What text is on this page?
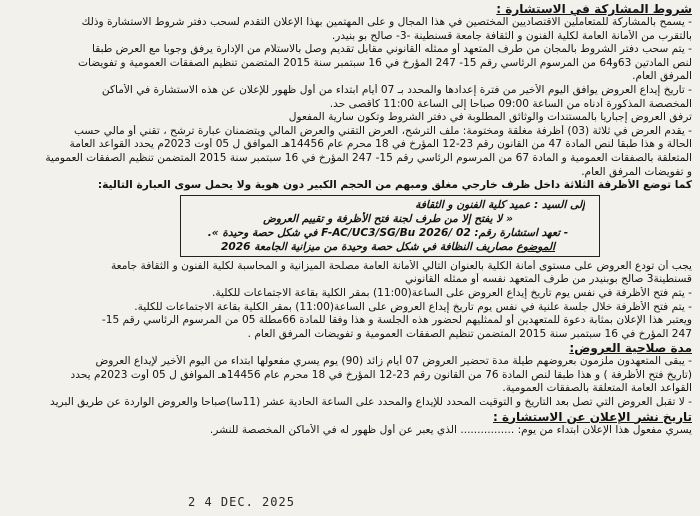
شروط المشاركة في الاستشارة :

- يسمح بالمشاركة للمتعاملين الاقتصاديين المختصين في هذا المجال و على المهتمين بهذا الإعلان التقدم لسحب دفتر شروط الاستشارة وذلك

بالتقرب من الأمانة العامة لكلية الفنون و الثقافة جامعة قسنطينة -3- صالح بو بنيدر.

- يتم سحب دفتر الشروط بالمجان من طرف المتعهد أو ممثله القانوني مقابل تقديم وصل بالاستلام من الإدارة يرفق وجوبا مع العرض طبقا

لنص المادتين 63و64 من المرسوم الرئاسي رقم 15- 247 المؤرخ في 16 سبتمبر سنة 2015 المتضمن تنظيم الصفقات العمومية و تفويضات

المرفق العام.

- تاريخ إيداع العروض يوافق اليوم الأخير من فترة إعدادها والمحدد بـ 07 أيام ابتداء من أول ظهور للإعلان عن هذه الاستشارة في الأماكن

المخصصة المذكورة أدناه من الساعة 09:00 صباحا إلى الساعة 11:00 كأقصى حد.

ترفق العروض إجباريا بالمستندات والوثائق المطلوبة في دفتر الشروط وتكون سارية المفعول

- يقدم العرض في ثلاثة (03) أظرفة مغلقة ومختومة: ملف الترشح، العرض التقني والعرض المالي ويتضمنان عبارة ترشح ، تقني أو مالي حسب

الحالة و هذا طبقا لنص المادة 47 من القانون رقم 23-12 المؤرخ في 18 محرم عام 14456هـ الموافق ل 05 أوت 2023م يحدد القواعد العامة

المتعلقة بالصفقات العمومية و المادة 67 من المرسوم الرئاسي رقم 15- 247 المؤرخ في 16 سبتمبر سنة 2015 المتضمن تنظيم الصفقات العمومية

و تفويضات المرفق العام.

كما توضع الأظرفة الثلاثة داخل ظرف خارجي مغلق ومبهم من الحجم الكبير دون هوية ولا يحمل سوى العبارة التالية:

إلى السيد : عميد كلية الفنون و الثقافة

« لا يفتح إلا من طرف لجنة فتح الأظرفة و تقييم العروض

- تعهد استشارة رقم: 02 /F-AC/UC3/SG/Bu 2026 في شكل حصة وحيدة ».

الموضوع مصاريف النظافة في شكل حصة وحيدة من ميزانية الجامعة 2026

يجب أن تودع العروض على مستوى أمانة الكلية بالعنوان التالي الأمانة العامة مصلحة الميزانية و المحاسبة لكلية الفنون و الثقافة جامعة

قسنطينة3 صالح بوبنيدر من طرف المتعهد نفسه أو ممثله القانوني

- يتم فتح الأظرفة في نفس يوم تاريخ إيداع العروض على الساعة(11:00) بمقر الكلية بقاعة الاجتماعات للكلية.

- يتم فتح الأظرفة خلال جلسة علنية في نفس يوم تاريخ إيداع العروض على الساعة(11:00) بمقر الكلية بقاعة الاجتماعات للكلية.

ويعتبر هذا الإعلان بمثابة دعوة للمتعهدين أو لممثليهم لحضور هذه الجلسة و هذا وفقا للمادة 66مطلة 05 من المرسوم الرئاسي رقم 15-

247 المؤرخ في 16 سبتمبر سنة 2015 المتضمن تنظيم الصفقات العمومية و تفويضات المرفق العام .

مدة صلاحية العروض:

- يبقى المتعهدون ملزمون بعروضهم طيلة مدة تحضير العروض 07 أيام زائد (90) يوم يسري مفعولها ابتداء من اليوم الأخير لإيداع العروض

(تاريخ فتح الأظرفة ) و هذا طبقا لنص المادة 76 من القانون رقم 23-12 المؤرخ في 18 محرم عام 14456هـ الموافق ل 05 أوت 2023م يحدد

القواعد العامة المتعلقة بالصفقات العمومية.

- لا تقبل العروض التي تصل بعد التاريخ و التوقيت المحدد للإيداع والمحدد على الساعة الحادية عشر (11سا)صباحا والعروض الواردة عن طريق البريد

تاريخ نشر الإعلان عن الاستشارة :

يسري مفعول هذا الإعلان ابتداء من يوم: ................ الذي يعبر عن أول ظهور له في الأماكن المخصصة للنشر.

2 4 DEC. 2025
